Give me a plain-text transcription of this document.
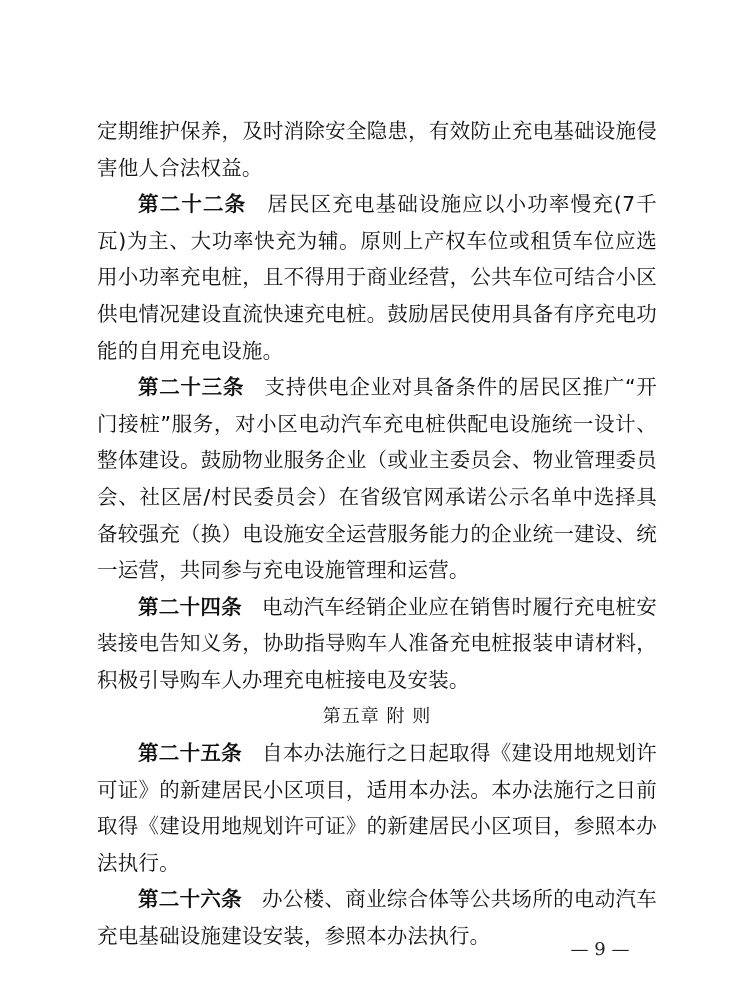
定期维护保养，及时消除安全隐患，有效防止充电基础设施侵害他人合法权益。

第二十二条 居民区充电基础设施应以小功率慢充(7千瓦)为主、大功率快充为辅。原则上产权车位或租赁车位应选用小功率充电桩，且不得用于商业经营，公共车位可结合小区供电情况建设直流快速充电桩。鼓励居民使用具备有序充电功能的自用充电设施。

第二十三条 支持供电企业对具备条件的居民区推广“开门接桩”服务，对小区电动汽车充电桩供配电设施统一设计、整体建设。鼓励物业服务企业（或业主委员会、物业管理委员会、社区居/村民委员会）在省级官网承诺公示名单中选择具备较强充（换）电设施安全运营服务能力的企业统一建设、统一运营，共同参与充电设施管理和运营。

第二十四条 电动汽车经销企业应在销售时履行充电桩安装接电告知义务，协助指导购车人准备充电桩报装申请材料，积极引导购车人办理充电桩接电及安装。

第五章 附 则

第二十五条 自本办法施行之日起取得《建设用地规划许可证》的新建居民小区项目，适用本办法。本办法施行之日前取得《建设用地规划许可证》的新建居民小区项目，参照本办法执行。

第二十六条 办公楼、商业综合体等公共场所的电动汽车充电基础设施建设安装，参照本办法执行。

— 9 —
